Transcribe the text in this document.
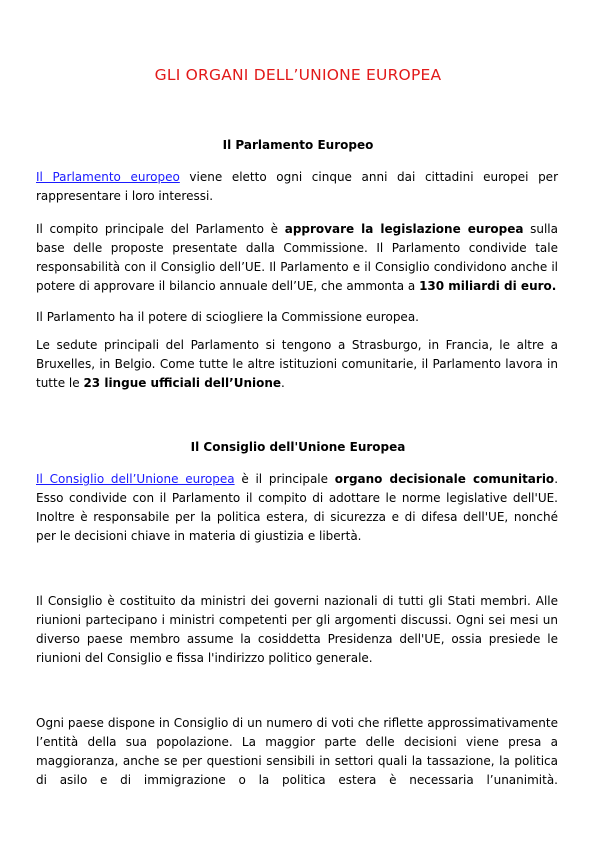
GLI ORGANI DELL’UNIONE EUROPEA
Il Parlamento Europeo

Il Parlamento europeo viene eletto ogni cinque anni dai cittadini europei per rappresentare i loro interessi.

Il compito principale del Parlamento è approvare la legislazione europea sulla base delle proposte presentate dalla Commissione. Il Parlamento condivide tale responsabilità con il Consiglio dell’UE. Il Parlamento e il Consiglio condividono anche il potere di approvare il bilancio annuale dell’UE, che ammonta a 130 miliardi di euro.

Il Parlamento ha il potere di sciogliere la Commissione europea.

Le sedute principali del Parlamento si tengono a Strasburgo, in Francia, le altre a Bruxelles, in Belgio. Come tutte le altre istituzioni comunitarie, il Parlamento lavora in tutte le 23 lingue ufficiali dell’Unione.

Il Consiglio dell'Unione Europea

Il Consiglio dell’Unione europea è il principale organo decisionale comunitario. Esso condivide con il Parlamento il compito di adottare le norme legislative dell'UE. Inoltre è responsabile per la politica estera, di sicurezza e di difesa dell'UE, nonché per le decisioni chiave in materia di giustizia e libertà.

Il Consiglio è costituito da ministri dei governi nazionali di tutti gli Stati membri. Alle riunioni partecipano i ministri competenti per gli argomenti discussi. Ogni sei mesi un diverso paese membro assume la cosiddetta Presidenza dell'UE, ossia presiede le riunioni del Consiglio e fissa l'indirizzo politico generale.

Ogni paese dispone in Consiglio di un numero di voti che riflette approssimativamente l’entità della sua popolazione. La maggior parte delle decisioni viene presa a maggioranza, anche se per questioni sensibili in settori quali la tassazione, la politica di asilo e di immigrazione o la politica estera è necessaria l’unanimità.
